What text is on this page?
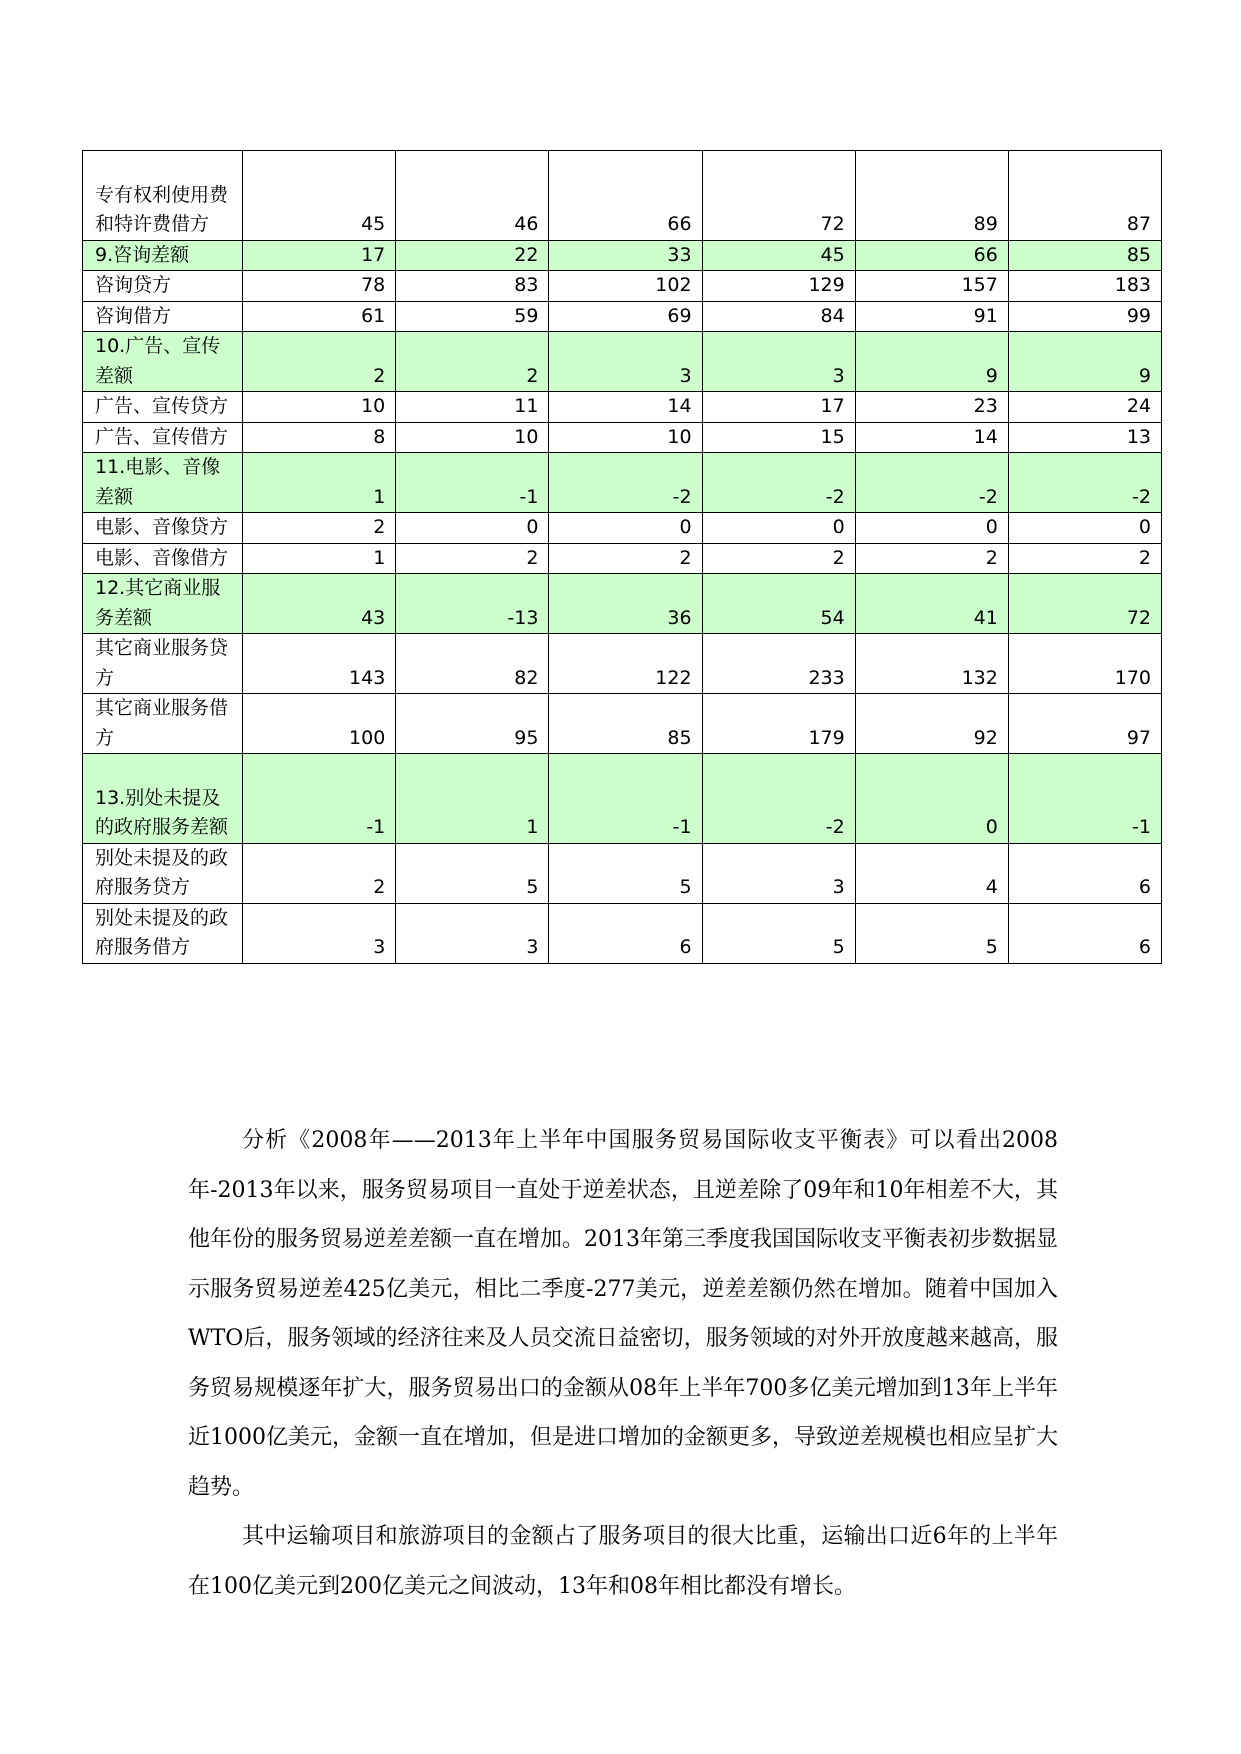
专有权利使用费和特许费借方	45	46	66	72	89	87
9.咨询差额	17	22	33	45	66	85
咨询贷方	78	83	102	129	157	183
咨询借方	61	59	69	84	91	99
10.广告、宣传差额	2	2	3	3	9	9
广告、宣传贷方	10	11	14	17	23	24
广告、宣传借方	8	10	10	15	14	13
11.电影、音像差额	1	-1	-2	-2	-2	-2
电影、音像贷方	2	0	0	0	0	0
电影、音像借方	1	2	2	2	2	2
12.其它商业服务差额	43	-13	36	54	41	72
其它商业服务贷方	143	82	122	233	132	170
其它商业服务借方	100	95	85	179	92	97
13.别处未提及的政府服务差额	-1	1	-1	-2	0	-1
别处未提及的政府服务贷方	2	5	5	3	4	6
别处未提及的政府服务借方	3	3	6	5	5	6

分析《2008年——2013年上半年中国服务贸易国际收支平衡表》可以看出2008年-2013年以来，服务贸易项目一直处于逆差状态，且逆差除了09年和10年相差不大，其他年份的服务贸易逆差差额一直在增加。2013年第三季度我国国际收支平衡表初步数据显示服务贸易逆差425亿美元，相比二季度-277美元，逆差差额仍然在增加。随着中国加入WTO后，服务领域的经济往来及人员交流日益密切，服务领域的对外开放度越来越高，服务贸易规模逐年扩大，服务贸易出口的金额从08年上半年700多亿美元增加到13年上半年近1000亿美元，金额一直在增加，但是进口增加的金额更多，导致逆差规模也相应呈扩大趋势。

其中运输项目和旅游项目的金额占了服务项目的很大比重，运输出口近6年的上半年在100亿美元到200亿美元之间波动，13年和08年相比都没有增长。
